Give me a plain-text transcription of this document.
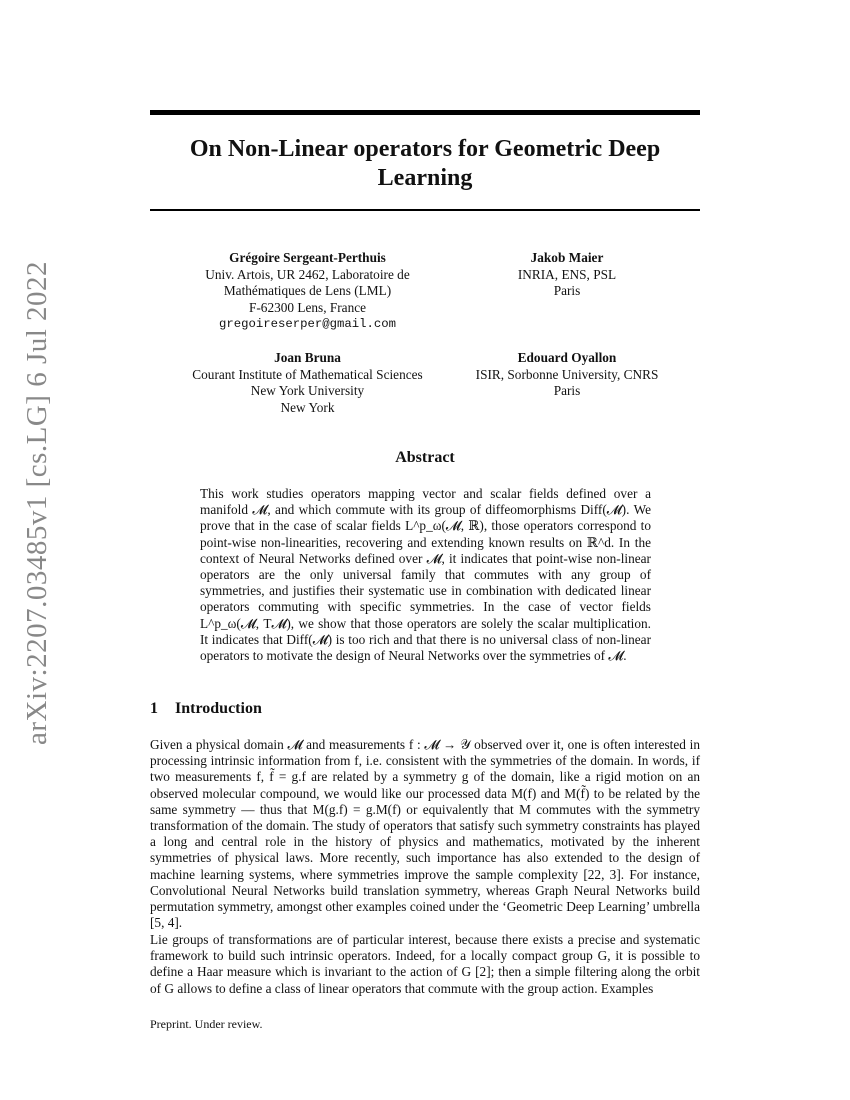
arXiv:2207.03485v1 [cs.LG] 6 Jul 2022
On Non-Linear operators for Geometric Deep Learning
Grégoire Sergeant-Perthuis
Univ. Artois, UR 2462, Laboratoire de
Mathématiques de Lens (LML)
F-62300 Lens, France
gregoireserper@gmail.com
Jakob Maier
INRIA, ENS, PSL
Paris
Joan Bruna
Courant Institute of Mathematical Sciences
New York University
New York
Edouard Oyallon
ISIR, Sorbonne University, CNRS
Paris
Abstract
This work studies operators mapping vector and scalar fields defined over a manifold 𝓜, and which commute with its group of diffeomorphisms Diff(𝓜). We prove that in the case of scalar fields L^p_ω(𝓜, ℝ), those operators correspond to point-wise non-linearities, recovering and extending known results on ℝ^d. In the context of Neural Networks defined over 𝓜, it indicates that point-wise non-linear operators are the only universal family that commutes with any group of symmetries, and justifies their systematic use in combination with dedicated linear operators commuting with specific symmetries. In the case of vector fields L^p_ω(𝓜, T𝓜), we show that those operators are solely the scalar multiplication. It indicates that Diff(𝓜) is too rich and that there is no universal class of non-linear operators to motivate the design of Neural Networks over the symmetries of 𝓜.
1 Introduction
Given a physical domain 𝓜 and measurements f : 𝓜 → 𝒴 observed over it, one is often interested in processing intrinsic information from f, i.e. consistent with the symmetries of the domain. In words, if two measurements f, f̃ = g.f are related by a symmetry g of the domain, like a rigid motion on an observed molecular compound, we would like our processed data M(f) and M(f̃) to be related by the same symmetry — thus that M(g.f) = g.M(f) or equivalently that M commutes with the symmetry transformation of the domain. The study of operators that satisfy such symmetry constraints has played a long and central role in the history of physics and mathematics, motivated by the inherent symmetries of physical laws. More recently, such importance has also extended to the design of machine learning systems, where symmetries improve the sample complexity [22, 3]. For instance, Convolutional Neural Networks build translation symmetry, whereas Graph Neural Networks build permutation symmetry, amongst other examples coined under the ‘Geometric Deep Learning’ umbrella [5, 4].
Lie groups of transformations are of particular interest, because there exists a precise and systematic framework to build such intrinsic operators. Indeed, for a locally compact group G, it is possible to define a Haar measure which is invariant to the action of G [2]; then a simple filtering along the orbit of G allows to define a class of linear operators that commute with the group action. Examples
Preprint. Under review.
